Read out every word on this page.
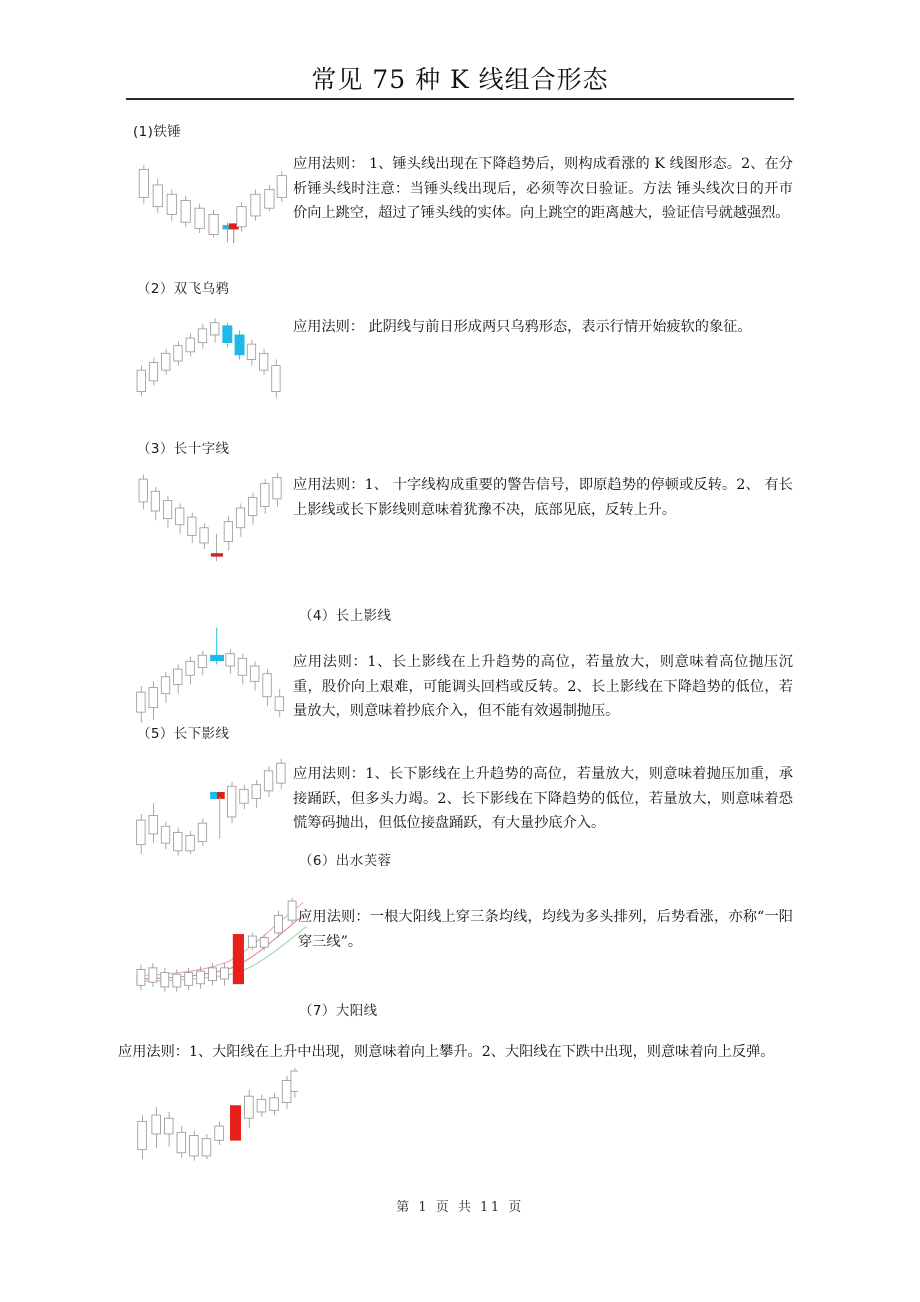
常见 75 种 K 线组合形态
(1)铁锤
应用法则： 1、锤头线出现在下降趋势后，则构成看涨的 K 线图形态。2、在分析锤头线时注意：当锤头线出现后，必须等次日验证。方法 锤头线次日的开市价向上跳空，超过了锤头线的实体。向上跳空的距离越大，验证信号就越强烈。
（2）双飞乌鸦
应用法则： 此阴线与前日形成两只乌鸦形态，表示行情开始疲软的象征。
（3）长十字线
应用法则：1、 十字线构成重要的警告信号，即原趋势的停顿或反转。2、 有长上影线或长下影线则意味着犹豫不决，底部见底，反转上升。
（4）长上影线
应用法则：1、长上影线在上升趋势的高位，若量放大，则意味着高位抛压沉重，股价向上艰难，可能调头回档或反转。2、长上影线在下降趋势的低位，若量放大，则意味着抄底介入，但不能有效遏制抛压。
（5）长下影线
应用法则：1、长下影线在上升趋势的高位，若量放大，则意味着抛压加重，承接踊跃，但多头力竭。2、长下影线在下降趋势的低位，若量放大，则意味着恐慌筹码抛出，但低位接盘踊跃，有大量抄底介入。
（6）出水芙蓉
应用法则：一根大阳线上穿三条均线，均线为多头排列，后势看涨，亦称“一阳穿三线”。
（7）大阳线
应用法则：1、大阳线在上升中出现，则意味着向上攀升。2、大阳线在下跌中出现，则意味着向上反弹。
第 1 页 共 11 页
